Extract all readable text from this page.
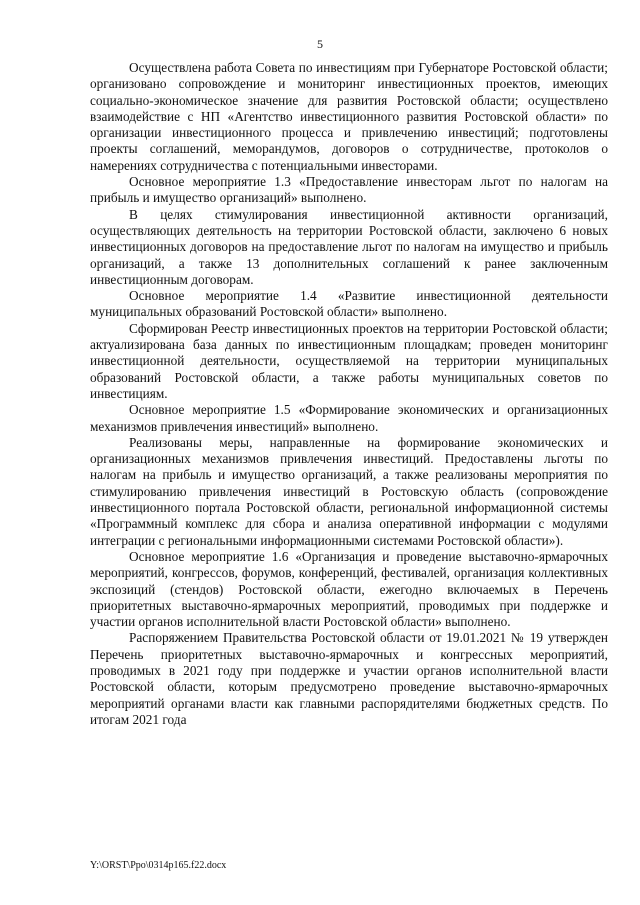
5

Осуществлена работа Совета по инвестициям при Губернаторе Ростовской области; организовано сопровождение и мониторинг инвестиционных проектов, имеющих социально-экономическое значение для развития Ростовской области; осуществлено взаимодействие с НП «Агентство инвестиционного развития Ростовской области» по организации инвестиционного процесса и привлечению инвестиций; подготовлены проекты соглашений, меморандумов, договоров о сотрудничестве, протоколов о намерениях сотрудничества с потенциальными инвесторами.

Основное мероприятие 1.3 «Предоставление инвесторам льгот по налогам на прибыль и имущество организаций» выполнено.

В целях стимулирования инвестиционной активности организаций, осуществляющих деятельность на территории Ростовской области, заключено 6 новых инвестиционных договоров на предоставление льгот по налогам на имущество и прибыль организаций, а также 13 дополнительных соглашений к ранее заключенным инвестиционным договорам.

Основное мероприятие 1.4 «Развитие инвестиционной деятельности муниципальных образований Ростовской области» выполнено.

Сформирован Реестр инвестиционных проектов на территории Ростовской области; актуализирована база данных по инвестиционным площадкам; проведен мониторинг инвестиционной деятельности, осуществляемой на территории муниципальных образований Ростовской области, а также работы муниципальных советов по инвестициям.

Основное мероприятие 1.5 «Формирование экономических и организационных механизмов привлечения инвестиций» выполнено.

Реализованы меры, направленные на формирование экономических и организационных механизмов привлечения инвестиций. Предоставлены льготы по налогам на прибыль и имущество организаций, а также реализованы мероприятия по стимулированию привлечения инвестиций в Ростовскую область (сопровождение инвестиционного портала Ростовской области, региональной информационной системы «Программный комплекс для сбора и анализа оперативной информации с модулями интеграции с региональными информационными системами Ростовской области»).

Основное мероприятие 1.6 «Организация и проведение выставочно-ярмарочных мероприятий, конгрессов, форумов, конференций, фестивалей, организация коллективных экспозиций (стендов) Ростовской области, ежегодно включаемых в Перечень приоритетных выставочно-ярмарочных мероприятий, проводимых при поддержке и участии органов исполнительной власти Ростовской области» выполнено.

Распоряжением Правительства Ростовской области от 19.01.2021 № 19 утвержден Перечень приоритетных выставочно-ярмарочных и конгрессных мероприятий, проводимых в 2021 году при поддержке и участии органов исполнительной власти Ростовской области, которым предусмотрено проведение выставочно-ярмарочных мероприятий органами власти как главными распорядителями бюджетных средств. По итогам 2021 года

Y:\ORST\Ppo\0314p165.f22.docx
